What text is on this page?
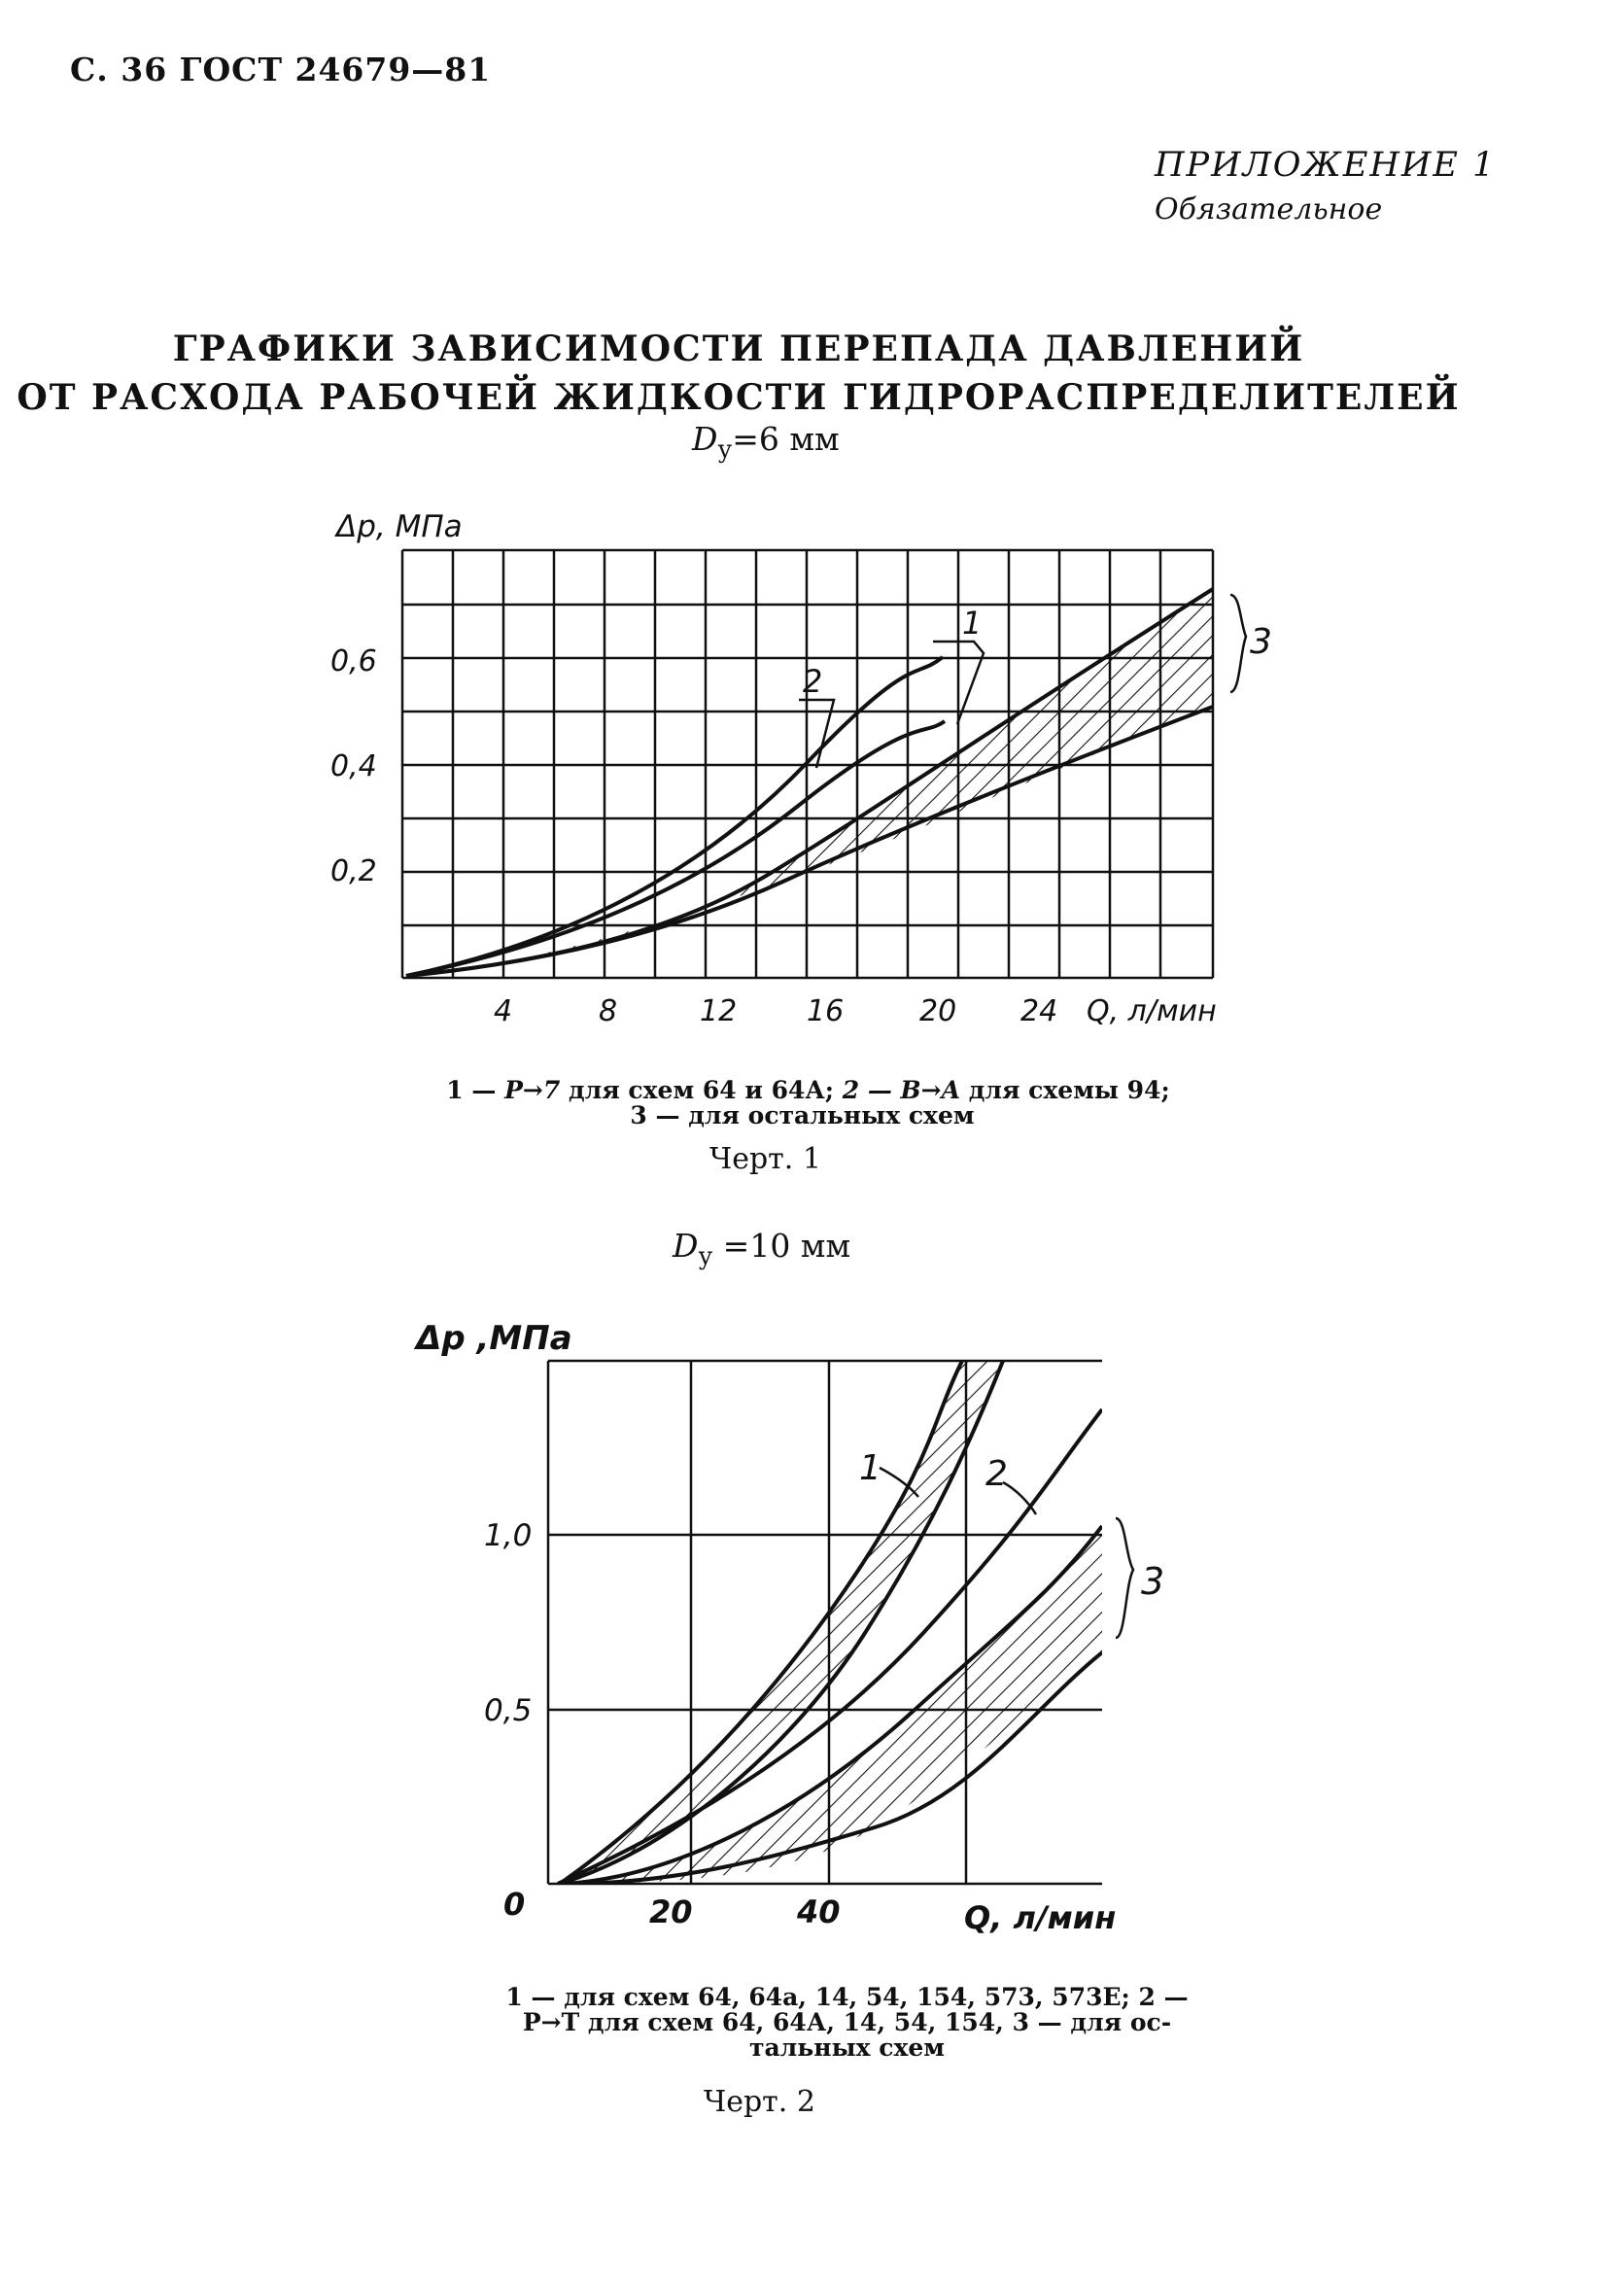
С. 36 ГОСТ 24679—81
ПРИЛОЖЕНИЕ 1
Обязательное
ГРАФИКИ ЗАВИСИМОСТИ ПЕРЕПАДА ДАВЛЕНИЙ
ОТ РАСХОДА РАБОЧЕЙ ЖИДКОСТИ ГИДРОРАСПРЕДЕЛИТЕЛЕЙ
$D_у=6$ мм
$D_у =10$ мм
Δp, МПа
0,6
0,4
0,2
4	8	12 16	20 24 Q, л/мин
1
2
3
Δp ,МПа
1,0
0,5
0	20	40	Q, л/мин
1	2
3
1 — P→7 для схем 64 и 64А; 2 — B→A для схемы 94;
3 — для остальных схем
Черт. 1
1 — для схем 64, 64а, 14, 54, 154, 573, 573Е; 2 —
P→T для схем 64, 64А, 14, 54, 154, 3 — для ос-
тальных схем
Черт. 2
